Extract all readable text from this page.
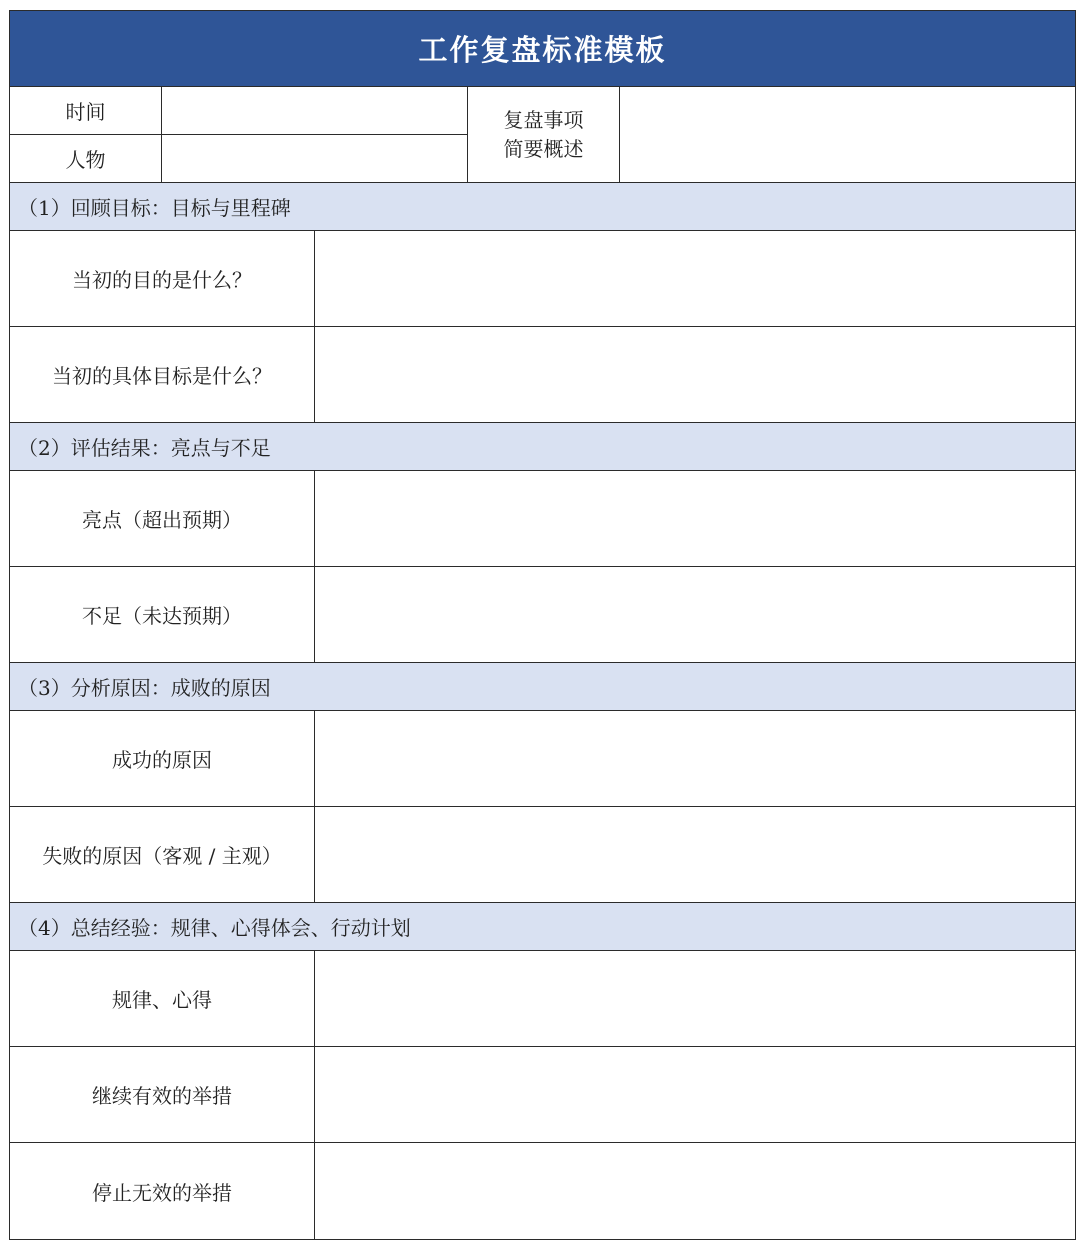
工作复盘标准模板
时间
人物
复盘事项
简要概述
（1）回顾目标：目标与里程碑
当初的目的是什么？
当初的具体目标是什么？
（2）评估结果：亮点与不足
亮点（超出预期）
不足（未达预期）
（3）分析原因：成败的原因
成功的原因
失败的原因（客观 / 主观）
（4）总结经验：规律、心得体会、行动计划
规律、心得
继续有效的举措
停止无效的举措
